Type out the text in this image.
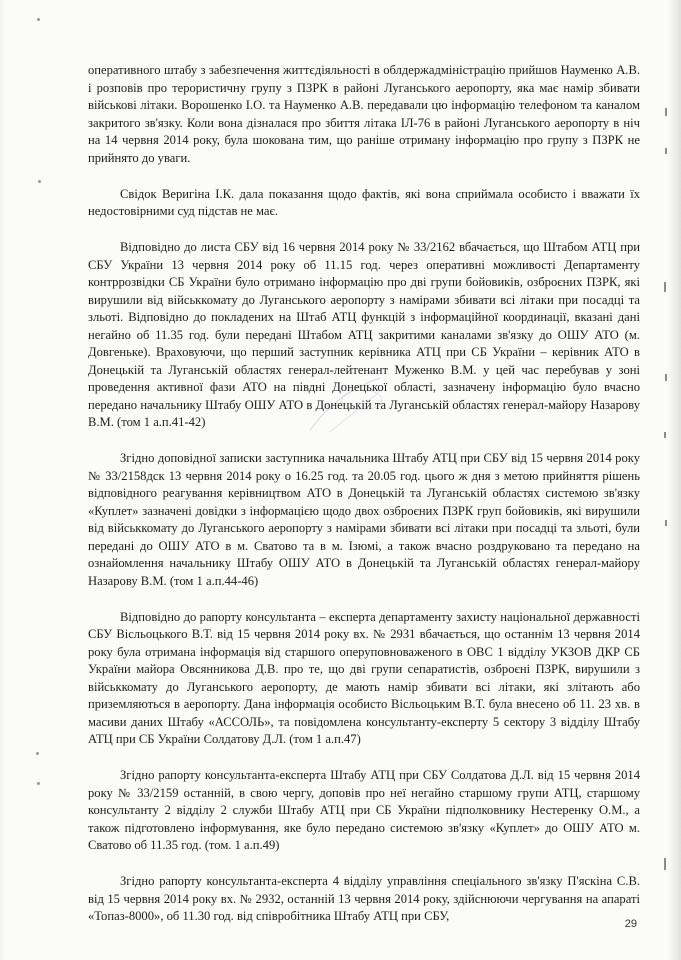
оперативного штабу з забезпечення життєдіяльності в облдержадміністрацію прийшов Науменко А.В. і розповів про терористичну групу з ПЗРК в районі Луганського аеропорту, яка має намір збивати військові літаки. Ворошенко І.О. та Науменко А.В. передавали цю інформацію телефоном та каналом закритого зв'язку. Коли вона дізналася про збиття літака ІЛ-76 в районі Луганського аеропорту в ніч на 14 червня 2014 року, була шокована тим, що раніше отриману інформацію про групу з ПЗРК не прийнято до уваги.

Свідок Веригіна І.К. дала показання щодо фактів, які вона сприймала особисто і вважати їх недостовірними суд підстав не має.

Відповідно до листа СБУ від 16 червня 2014 року № 33/2162 вбачається, що Штабом АТЦ при СБУ України 13 червня 2014 року об 11.15 год. через оперативні можливості Департаменту контррозвідки СБ України було отримано інформацію про дві групи бойовиків, озброєних ПЗРК, які вирушили від військкомату до Луганського аеропорту з намірами збивати всі літаки при посадці та зльоті. Відповідно до покладених на Штаб АТЦ функцій з інформаційної координації, вказані дані негайно об 11.35 год. були передані Штабом АТЦ закритими каналами зв'язку до ОШУ АТО (м. Довгеньке). Враховуючи, що перший заступник керівника АТЦ при СБ України – керівник АТО в Донецькій та Луганській областях генерал-лейтенант Муженко В.М. у цей час перебував у зоні проведення активної фази АТО на півдні Донецької області, зазначену інформацію було вчасно передано начальнику Штабу ОШУ АТО в Донецькій та Луганській областях генерал-майору Назарову В.М. (том 1 а.п.41-42)

Згідно доповідної записки заступника начальника Штабу АТЦ при СБУ від 15 червня 2014 року № 33/2158дск 13 червня 2014 року о 16.25 год. та 20.05 год. цього ж дня з метою прийняття рішень відповідного реагування керівництвом АТО в Донецькій та Луганській областях системою зв'язку «Куплет» зазначені довідки з інформацією щодо двох озброєних ПЗРК груп бойовиків, які вирушили від військкомату до Луганського аеропорту з намірами збивати всі літаки при посадці та зльоті, були передані до ОШУ АТО в м. Сватово та в м. Ізюмі, а також вчасно роздруковано та передано на ознайомлення начальнику Штабу ОШУ АТО в Донецькій та Луганській областях генерал-майору Назарову В.М. (том 1 а.п.44-46)

Відповідно до рапорту консультанта – експерта департаменту захисту національної державності СБУ Вісльоцького В.Т. від 15 червня 2014 року вх. № 2931 вбачається, що останнім 13 червня 2014 року була отримана інформація від старшого оперуповноваженого в ОВС 1 відділу УКЗОВ ДКР СБ України майора Овсянникова Д.В. про те, що дві групи сепаратистів, озброєні ПЗРК, вирушили з військкомату до Луганського аеропорту, де мають намір збивати всі літаки, які злітають або приземляються в аеропорту. Дана інформація особисто Вісльоцьким В.Т. була внесено об 11. 23 хв. в масиви даних Штабу «АССОЛЬ», та повідомлена консультанту-експерту 5 сектору 3 відділу Штабу АТЦ при СБ України Солдатову Д.Л. (том 1 а.п.47)

Згідно рапорту консультанта-експерта Штабу АТЦ при СБУ Солдатова Д.Л. від 15 червня 2014 року № 33/2159 останній, в свою чергу, доповів про неї негайно старшому групи АТЦ, старшому консультанту 2 відділу 2 служби Штабу АТЦ при СБ України підполковнику Нестеренку О.М., а також підготовлено інформування, яке було передано системою зв'язку «Куплет» до ОШУ АТО м. Сватово об 11.35 год. (том. 1 а.п.49)

Згідно рапорту консультанта-експерта 4 відділу управління спеціального зв'язку П'яскіна С.В. від 15 червня 2014 року вх. № 2932, останній 13 червня 2014 року, здійснюючи чергування на апараті «Топаз-8000», об 11.30 год. від співробітника Штабу АТЦ при СБУ,

29
